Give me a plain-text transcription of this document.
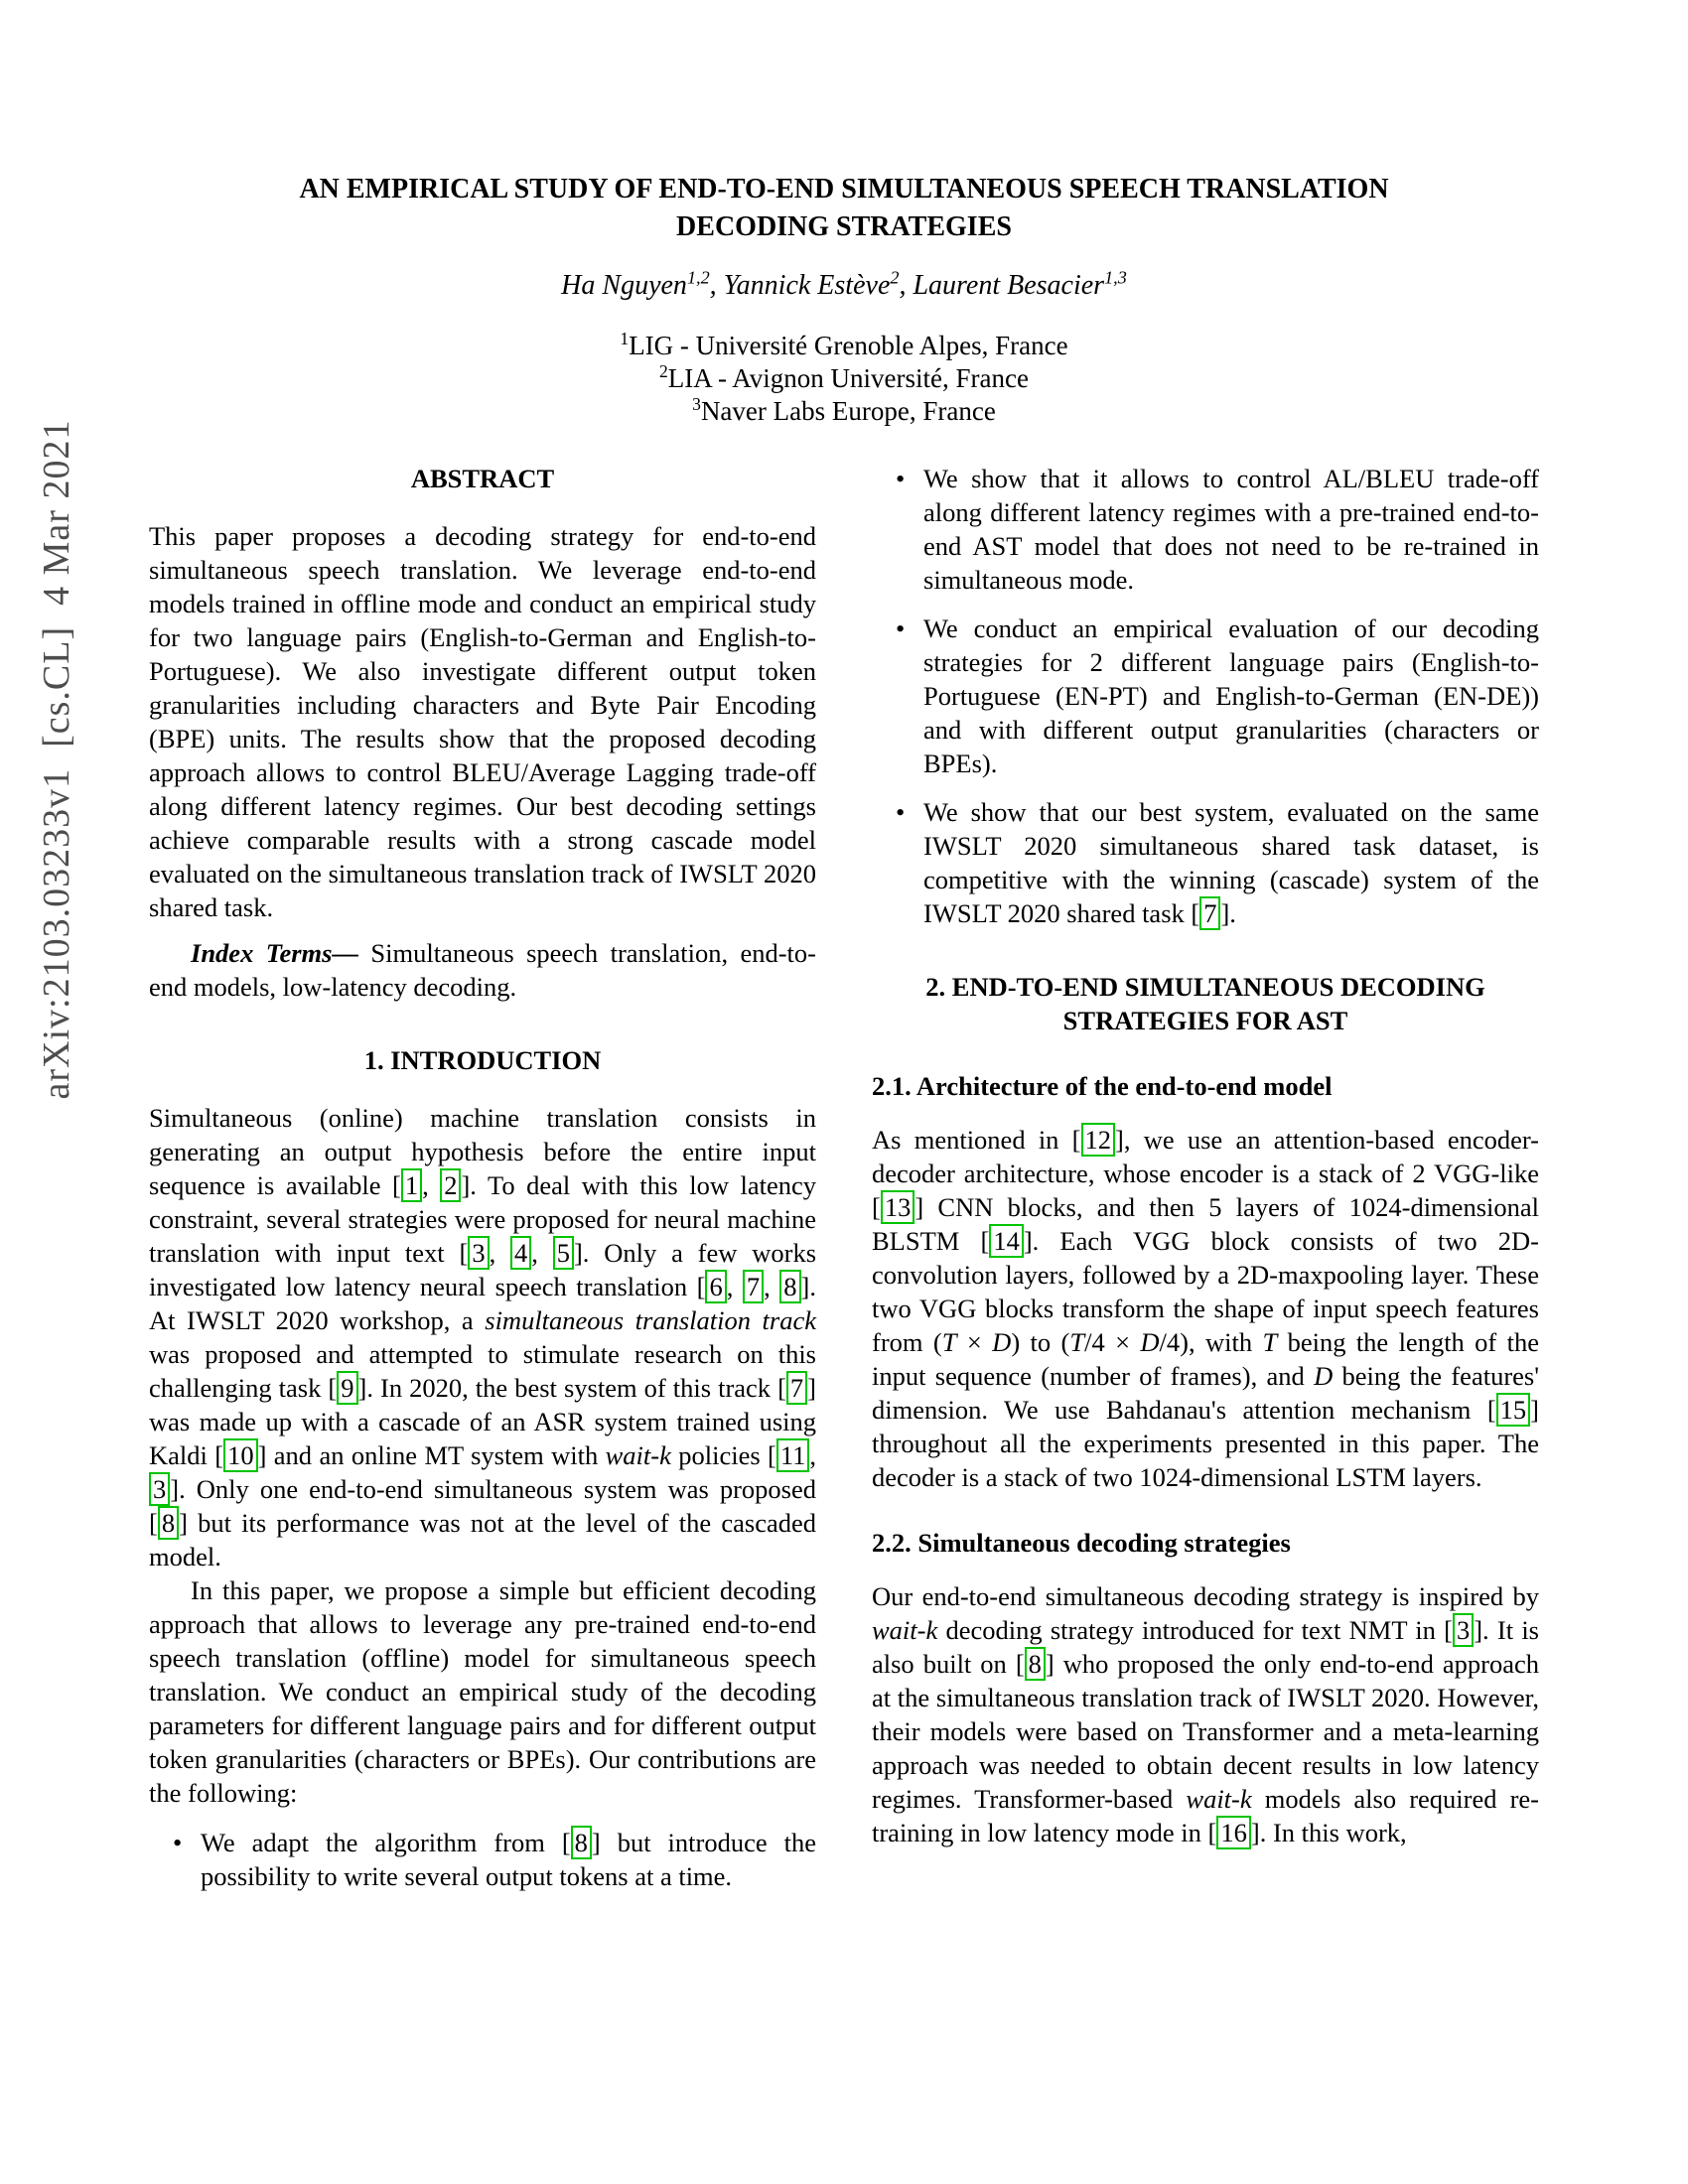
arXiv:2103.03233v1  [cs.CL]  4 Mar 2021
AN EMPIRICAL STUDY OF END-TO-END SIMULTANEOUS SPEECH TRANSLATION
DECODING STRATEGIES
Ha Nguyen$^{1,2}$, Yannick Estève$^2$, Laurent Besacier$^{1,3}$
$^1$LIG - Université Grenoble Alpes, France
$^2$LIA - Avignon Université, France
$^3$Naver Labs Europe, France
ABSTRACT

This paper proposes a decoding strategy for end-to-end simultaneous speech translation. We leverage end-to-end models trained in offline mode and conduct an empirical study for two language pairs (English-to-German and English-to-Portuguese). We also investigate different output token granularities including characters and Byte Pair Encoding (BPE) units. The results show that the proposed decoding approach allows to control BLEU/Average Lagging trade-off along different latency regimes. Our best decoding settings achieve comparable results with a strong cascade model evaluated on the simultaneous translation track of IWSLT 2020 shared task.

Index Terms— Simultaneous speech translation, end-to-end models, low-latency decoding.

1. INTRODUCTION

Simultaneous (online) machine translation consists in generating an output hypothesis before the entire input sequence is available [ 1 , 2 ]. To deal with this low latency constraint, several strategies were proposed for neural machine translation with input text [ 3 , 4 , 5 ]. Only a few works investigated low latency neural speech translation [ 6 , 7 , 8 ]. At IWSLT 2020 workshop, a simultaneous translation track was proposed and attempted to stimulate research on this challenging task [ 9 ]. In 2020, the best system of this track [ 7 ] was made up with a cascade of an ASR system trained using Kaldi [ 10 ] and an online MT system with wait-k policies [ 11 , 3 ]. Only one end-to-end simultaneous system was proposed [ 8 ] but its performance was not at the level of the cascaded model.

In this paper, we propose a simple but efficient decoding approach that allows to leverage any pre-trained end-to-end speech translation (offline) model for simultaneous speech translation. We conduct an empirical study of the decoding parameters for different language pairs and for different output token granularities (characters or BPEs). Our contributions are the following:

• We adapt the algorithm from [ 8 ] but introduce the possibility to write several output tokens at a time.
• We show that it allows to control AL/BLEU trade-off along different latency regimes with a pre-trained end-to-end AST model that does not need to be re-trained in simultaneous mode.
• We conduct an empirical evaluation of our decoding strategies for 2 different language pairs (English-to-Portuguese (EN-PT) and English-to-German (EN-DE)) and with different output granularities (characters or BPEs).
• We show that our best system, evaluated on the same IWSLT 2020 simultaneous shared task dataset, is competitive with the winning (cascade) system of the IWSLT 2020 shared task [ 7 ].
2. END-TO-END SIMULTANEOUS DECODING
STRATEGIES FOR AST
2.1. Architecture of the end-to-end model

As mentioned in [ 12 ], we use an attention-based encoder-decoder architecture, whose encoder is a stack of 2 VGG-like [ 13 ] CNN blocks, and then 5 layers of 1024-dimensional BLSTM [ 14 ]. Each VGG block consists of two 2D-convolution layers, followed by a 2D-maxpooling layer. These two VGG blocks transform the shape of input speech features from (T × D) to (T/4 × D/4), with T being the length of the input sequence (number of frames), and D being the features' dimension. We use Bahdanau's attention mechanism [ 15 ] throughout all the experiments presented in this paper. The decoder is a stack of two 1024-dimensional LSTM layers.

2.2. Simultaneous decoding strategies

Our end-to-end simultaneous decoding strategy is inspired by wait-k decoding strategy introduced for text NMT in [ 3 ]. It is also built on [ 8 ] who proposed the only end-to-end approach at the simultaneous translation track of IWSLT 2020. However, their models were based on Transformer and a meta-learning approach was needed to obtain decent results in low latency regimes. Transformer-based wait-k models also required re-training in low latency mode in [ 16 ]. In this work,
